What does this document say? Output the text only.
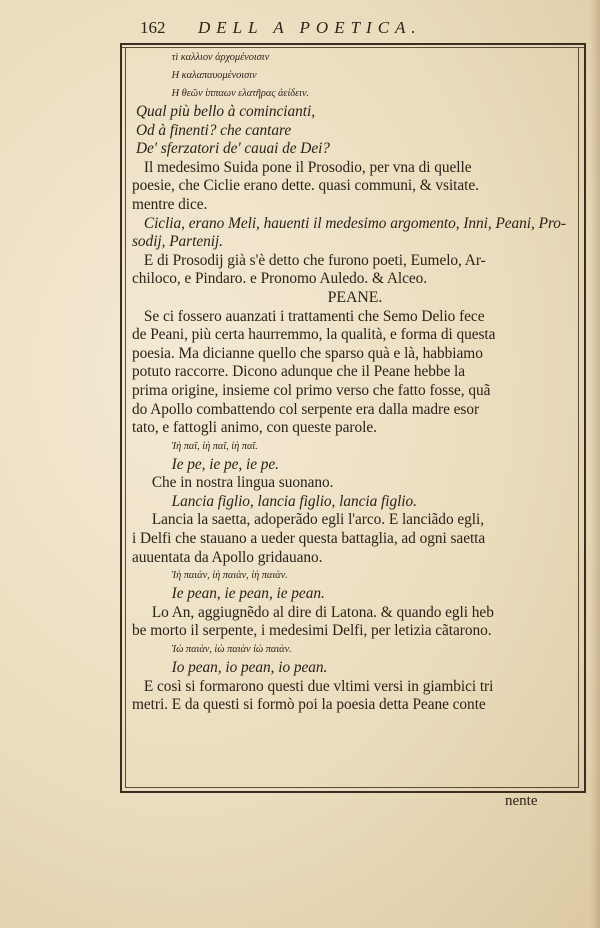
162 DELL A POETICA.
τì καλλιον ἀρχομένοισιν
Η καλαπαυομένοισιν
Η θεῶν ἰππαων ελατῆρας ἀείδειν.
Qual più bello à comincianti,
Od à finenti? che cantare
De' sferzatori de' cauai de Dei?
Il medesimo Suida pone il Prosodio, per vna di quelle
poesie, che Ciclie erano dette. quasi communi, & vsitate.
mentre dice.
Ciclia, erano Meli, hauenti il medesimo argomento, Inni, Peani, Pro-
sodij, Partenij.
E di Prosodij già s'è detto che furono poeti, Eumelo, Ar-
chiloco, e Pindaro. e Pronomo Auledo. & Alceo.
PEANE.
Se ci fossero auanzati i trattamenti che Semo Delio fece
de Peani, più certa haurremmo, la qualità, e forma di questa
poesia. Ma dicianne quello che sparso quà e là, habbiamo
potuto raccorre. Dicono adunque che il Peane hebbe la
prima origine, insieme col primo verso che fatto fosse, quã
do Apollo combattendo col serpente era dalla madre esor
tato, e fattogli animo, con queste parole.
Ἰὴ παῖ, ἰὴ παῖ, ἰὴ παῖ.
Ie pe, ie pe, ie pe.
Che in nostra lingua suonano.
Lancia figlio, lancia figlio, lancia figlio.
Lancia la saetta, adoperãdo egli l'arco. E lanciãdo egli,
i Delfi che stauano a ueder questa battaglia, ad ogni saetta
auuentata da Apollo gridauano.
Ἰὴ παιὰν, ἰὴ παιὰν, ἰὴ παιὰν.
Ie pean, ie pean, ie pean.
Lo An, aggiugnẽdo al dire di Latona. & quando egli heb
be morto il serpente, i medesimi Delfi, per letizia cãtarono.
Ἰὼ παιὰν, ἰὼ παιὰν ἰὼ παιὰν.
Io pean, io pean, io pean.
E così si formarono questi due vltimi versi in giambici tri
metri. E da questi si formò poi la poesia detta Peane conte
nente
